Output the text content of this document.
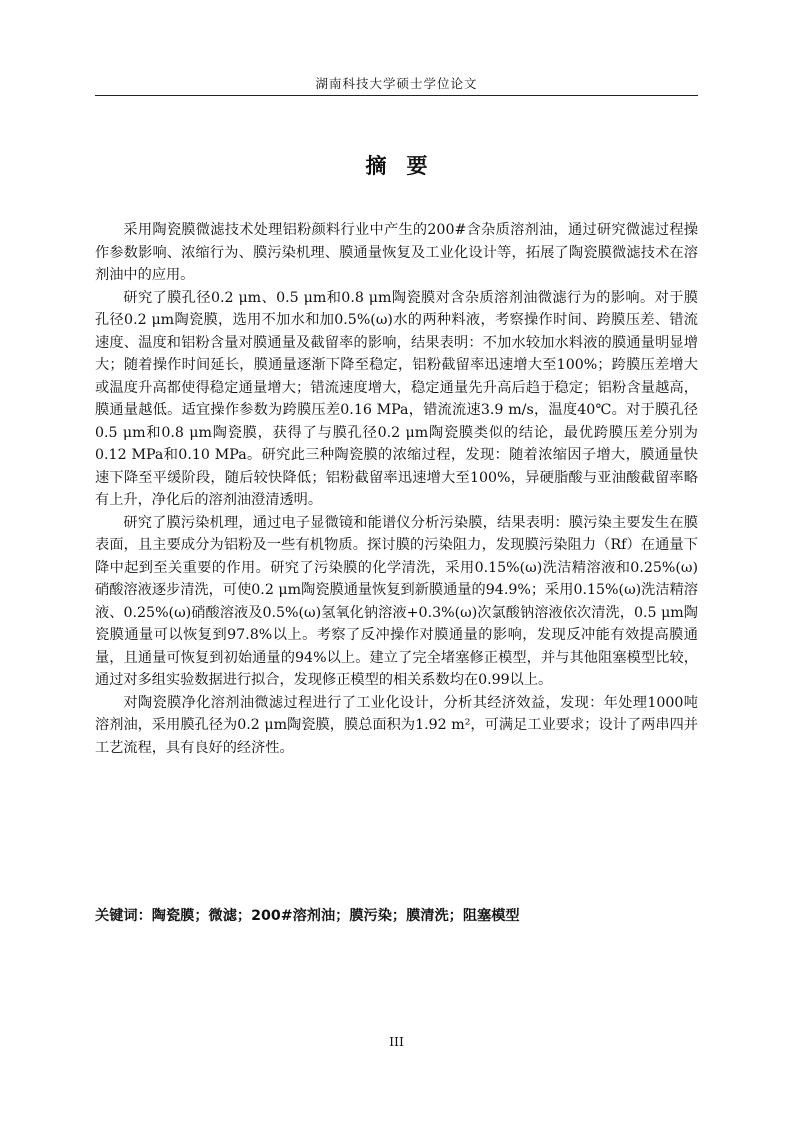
湖南科技大学硕士学位论文
摘 要

采用陶瓷膜微滤技术处理铝粉颜料行业中产生的200#含杂质溶剂油，通过研究微滤过程操作参数影响、浓缩行为、膜污染机理、膜通量恢复及工业化设计等，拓展了陶瓷膜微滤技术在溶剂油中的应用。

研究了膜孔径0.2 μm、0.5 μm和0.8 μm陶瓷膜对含杂质溶剂油微滤行为的影响。对于膜孔径0.2 μm陶瓷膜，选用不加水和加0.5%(ω)水的两种料液，考察操作时间、跨膜压差、错流速度、温度和铝粉含量对膜通量及截留率的影响，结果表明：不加水较加水料液的膜通量明显增大；随着操作时间延长，膜通量逐渐下降至稳定，铝粉截留率迅速增大至100%；跨膜压差增大或温度升高都使得稳定通量增大；错流速度增大，稳定通量先升高后趋于稳定；铝粉含量越高，膜通量越低。适宜操作参数为跨膜压差0.16 MPa，错流流速3.9 m/s，温度40℃。对于膜孔径0.5 μm和0.8 μm陶瓷膜，获得了与膜孔径0.2 μm陶瓷膜类似的结论，最优跨膜压差分别为0.12 MPa和0.10 MPa。研究此三种陶瓷膜的浓缩过程，发现：随着浓缩因子增大，膜通量快速下降至平缓阶段，随后较快降低；铝粉截留率迅速增大至100%，异硬脂酸与亚油酸截留率略有上升，净化后的溶剂油澄清透明。

研究了膜污染机理，通过电子显微镜和能谱仪分析污染膜，结果表明：膜污染主要发生在膜表面，且主要成分为铝粉及一些有机物质。探讨膜的污染阻力，发现膜污染阻力（Rf）在通量下降中起到至关重要的作用。研究了污染膜的化学清洗，采用0.15%(ω)洗洁精溶液和0.25%(ω)硝酸溶液逐步清洗，可使0.2 μm陶瓷膜通量恢复到新膜通量的94.9%；采用0.15%(ω)洗洁精溶液、0.25%(ω)硝酸溶液及0.5%(ω)氢氧化钠溶液+0.3%(ω)次氯酸钠溶液依次清洗，0.5 μm陶瓷膜通量可以恢复到97.8%以上。考察了反冲操作对膜通量的影响，发现反冲能有效提高膜通量，且通量可恢复到初始通量的94%以上。建立了完全堵塞修正模型，并与其他阻塞模型比较，通过对多组实验数据进行拟合，发现修正模型的相关系数均在0.99以上。

对陶瓷膜净化溶剂油微滤过程进行了工业化设计，分析其经济效益，发现：年处理1000吨溶剂油，采用膜孔径为0.2 μm陶瓷膜，膜总面积为1.92 m²，可满足工业要求；设计了两串四并工艺流程，具有良好的经济性。

关键词：陶瓷膜；微滤；200#溶剂油；膜污染；膜清洗；阻塞模型
III
